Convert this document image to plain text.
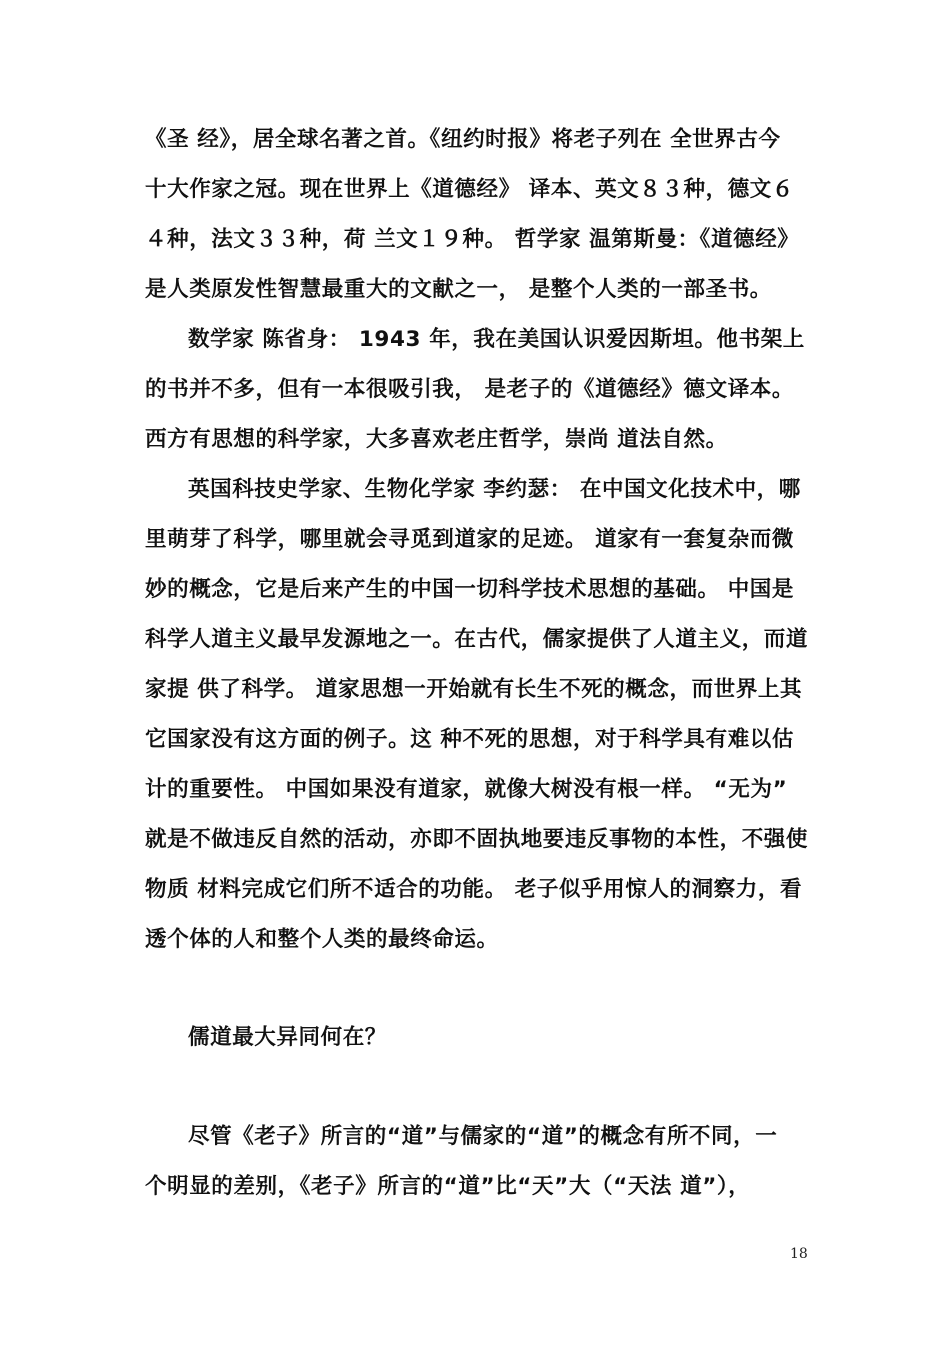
《圣 经》，居全球名著之首。《纽约时报》将老子列在 全世界古今
十大作家之冠。现在世界上《道德经》 译本、英文８３种，德文６
４种，法文３３种，荷 兰文１９种。 哲学家 温第斯曼：《道德经》
是人类原发性智慧最重大的文献之一， 是整个人类的一部圣书。
数学家 陈省身： 1943 年，我在美国认识爱因斯坦。他书架上
的书并不多，但有一本很吸引我， 是老子的《道德经》德文译本。
西方有思想的科学家，大多喜欢老庄哲学，崇尚 道法自然。
英国科技史学家、生物化学家 李约瑟： 在中国文化技术中，哪
里萌芽了科学，哪里就会寻觅到道家的足迹。 道家有一套复杂而微
妙的概念，它是后来产生的中国一切科学技术思想的基础。 中国是
科学人道主义最早发源地之一。在古代，儒家提供了人道主义，而道
家提 供了科学。 道家思想一开始就有长生不死的概念，而世界上其
它国家没有这方面的例子。这 种不死的思想，对于科学具有难以估
计的重要性。 中国如果没有道家，就像大树没有根一样。 “无为”
就是不做违反自然的活动，亦即不固执地要违反事物的本性，不强使
物质 材料完成它们所不适合的功能。 老子似乎用惊人的洞察力，看
透个体的人和整个人类的最终命运。
儒道最大异同何在？
尽管《老子》所言的“道”与儒家的“道”的概念有所不同，一
个明显的差别，《老子》所言的“道”比“天”大（“天法 道”），
18
